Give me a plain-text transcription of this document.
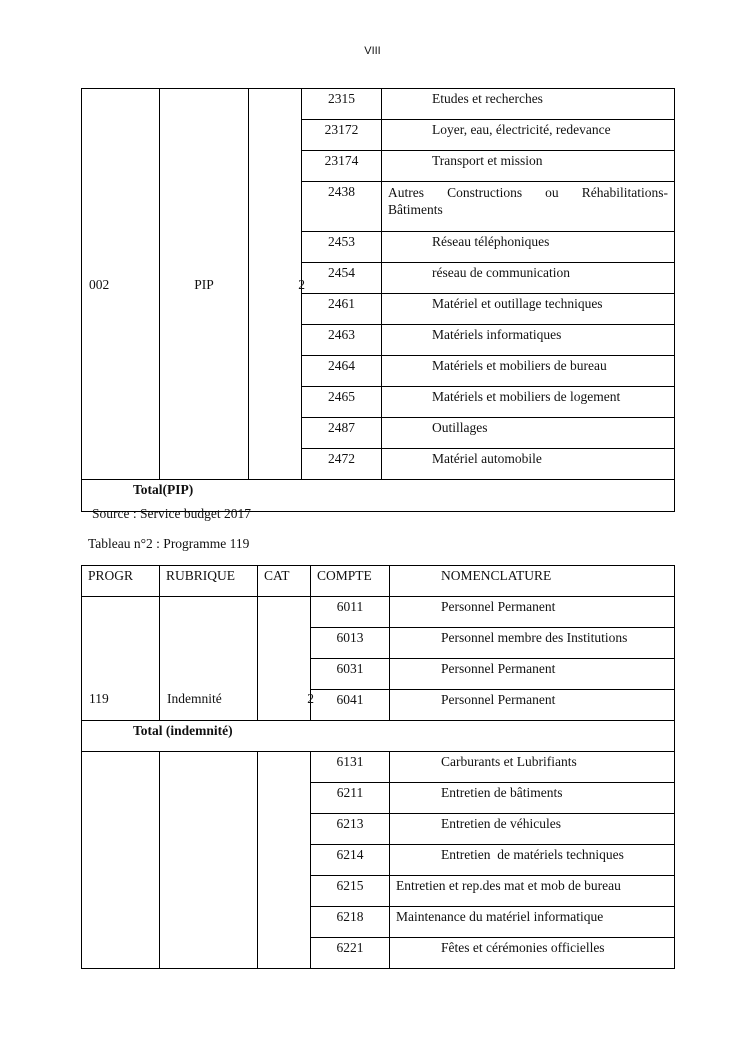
VIII
002	PIP	2	2315	Etudes et recherches
			23172	Loyer, eau, électricité, redevance
			23174	Transport et mission
			2438	Autres Constructions ou Réhabilitations-
Bâtiments

			2453	Réseau téléphoniques
			2454	réseau de communication
			2461	Matériel et outillage techniques
			2463	Matériels informatiques
			2464	Matériels et mobiliers de bureau
			2465	Matériels et mobiliers de logement
			2487	Outillages
			2472	Matériel automobile
Total(PIP)				
Source : Service budget 2017
Tableau n°2 : Programme 119
PROGR	RUBRIQUE	CAT	COMPTE	NOMENCLATURE
119	Indemnité	2	6011	Personnel Permanent
			6013	Personnel membre des Institutions
			6031	Personnel Permanent
			6041	Personnel Permanent
Total (indemnité)				
			6131	Carburants et Lubrifiants
			6211	Entretien de bâtiments
			6213	Entretien de véhicules
			6214	Entretien  de matériels techniques
			6215	Entretien et rep.des mat et mob de bureau
			6218	Maintenance du matériel informatique
			6221	Fêtes et cérémonies officielles
